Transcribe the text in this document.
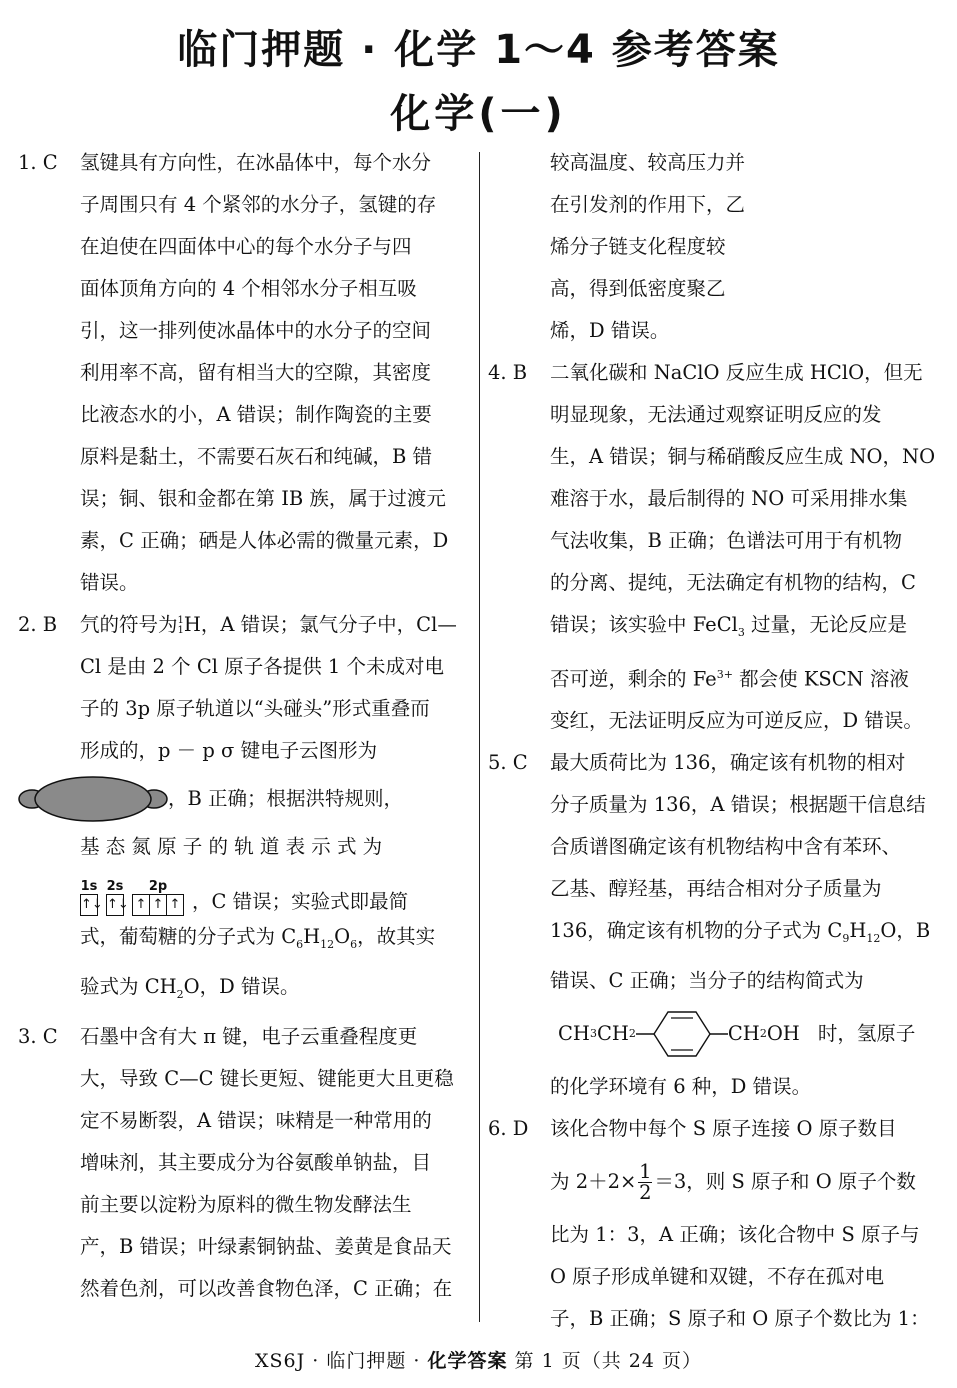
临门押题 · 化学 1～4 参考答案
化学(一)
1. C	氢键具有方向性，在冰晶体中，每个水分

子周围只有 4 个紧邻的水分子，氢键的存

在迫使在四面体中心的每个水分子与四

面体顶角方向的 4 个相邻水分子相互吸

引，这一排列使冰晶体中的水分子的空间

利用率不高，留有相当大的空隙，其密度

比液态水的小，A 错误；制作陶瓷的主要

原料是黏土，不需要石灰石和纯碱，B 错

误；铜、银和金都在第 IB 族，属于过渡元

素，C 正确；硒是人体必需的微量元素，D

错误。

2. B	氕的符号为 1
1 H，A 错误；氯气分子中，Cl—

Cl 是由 2 个 Cl 原子各提供 1 个未成对电

子的 3p 原子轨道以“头碰头”形式重叠而

形成的，p － p σ 键电子云图形为

，B 正确；根据洪特规则，

基 态 氮 原 子 的 轨 道 表 示 式 为

1s
↑↓
2s
↑↓
2p
↑ ↑ ↑ ，C 错误；实验式即最简

式，葡萄糖的分子式为 $C_6H_{12}O_6$，故其实

验式为 $CH_2O$，D 错误。

3. C	石墨中含有大 π 键，电子云重叠程度更

大，导致 C—C 键长更短、键能更大且更稳

定不易断裂，A 错误；味精是一种常用的

增味剂，其主要成分为谷氨酸单钠盐，目

前主要以淀粉为原料的微生物发酵法生

产，B 错误；叶绿素铜钠盐、姜黄是食品天

然着色剂，可以改善食物色泽，C 正确；在

较高温度、较高压力并

在引发剂的作用下，乙

烯分子链支化程度较

高，得到低密度聚乙

烯，D 错误。

4. B	二氧化碳和 NaClO 反应生成 HClO，但无

明显现象，无法通过观察证明反应的发

生，A 错误；铜与稀硝酸反应生成 NO，NO

难溶于水，最后制得的 NO 可采用排水集

气法收集，B 正确；色谱法可用于有机物

的分离、提纯，无法确定有机物的结构，C

错误；该实验中 FeCl$_3$ 过量，无论反应是

否可逆，剩余的 $Fe^{3+}$ 都会使 KSCN 溶液

变红，无法证明反应为可逆反应，D 错误。

5. C	最大质荷比为 136，确定该有机物的相对

分子质量为 136，A 错误；根据题干信息结

合质谱图确定该有机物结构中含有苯环、

乙基、醇羟基，再结合相对分子质量为

136，确定该有机物的分子式为 $C_9H_{12}O$，B

错误、C 正确；当分子的结构简式为

CH 3 CH 2	CH 2 OH 时，氢原子

的化学环境有 6 种，D 错误。

6. D	该化合物中每个 S 原子连接 O 原子数目

为 $2+2\times \frac{1}{2} =3$，则 S 原子和 O 原子个数

比为 1：3，A 正确；该化合物中 S 原子与

O 原子形成单键和双键，不存在孤对电

子，B 正确；S 原子和 O 原子个数比为 1：

XS6J · 临门押题 · 化学答案 第 1 页（共 24 页）
